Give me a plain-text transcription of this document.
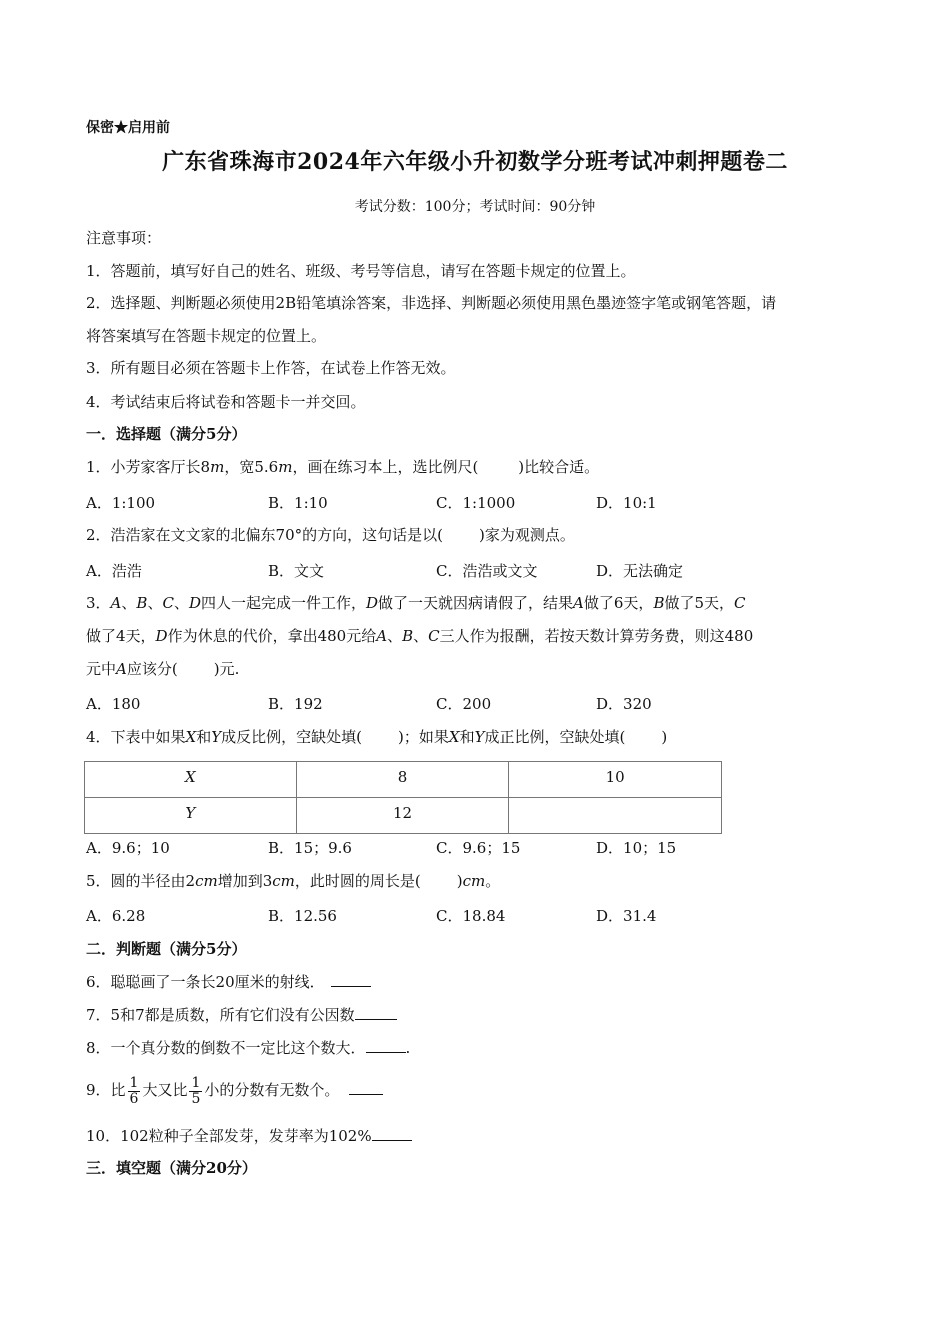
保密★启用前
广东省珠海市2024年六年级小升初数学分班考试冲刺押题卷二
考试分数：100分；考试时间：90分钟
注意事项：
1．答题前，填写好自己的姓名、班级、考号等信息，请写在答题卡规定的位置上。
2．选择题、判断题必须使用2B铅笔填涂答案，非选择、判断题必须使用黑色墨迹签字笔或钢笔答题，请
将答案填写在答题卡规定的位置上。
3．所有题目必须在答题卡上作答，在试卷上作答无效。
4．考试结束后将试卷和答题卡一并交回。
一．选择题（满分5分）
1．小芳家客厅长8m，宽5.6m，画在练习本上，选比例尺(	)比较合适。
A．1:100	B．1:10	C．1:1000	D．10:1
2．浩浩家在文文家的北偏东70°的方向，这句话是以( )家为观测点。
A．浩浩	B．文文	C．浩浩或文文	D．无法确定
3．A、B、C、D四人一起完成一件工作，D做了一天就因病请假了，结果A做了6天，B做了5天，C
做了4天，D作为休息的代价，拿出480元给A、B、C三人作为报酬，若按天数计算劳务费，则这480
元中A应该分( )元.
A．180	B．192	C．200	D．320
4．下表中如果X和Y成反比例，空缺处填( )；如果X和Y成正比例，空缺处填( )
X	8	10
Y	12	
A．9.6；10	B．15；9.6	C．9.6；15	D．10；15
5．圆的半径由2cm增加到3cm，此时圆的周长是( )cm。
A．6.28	B．12.56	C．18.84	D．31.4
二．判断题（满分5分）
6．聪聪画了一条长20厘米的射线．
7．5和7都是质数，所有它们没有公因数
8．一个真分数的倒数不一定比这个数大．	.
9．比 $\frac{1}{6}$ 大又比 $\frac{1}{5}$ 小的分数有无数个。
10．102粒种子全部发芽，发芽率为102%
三．填空题（满分20分）
